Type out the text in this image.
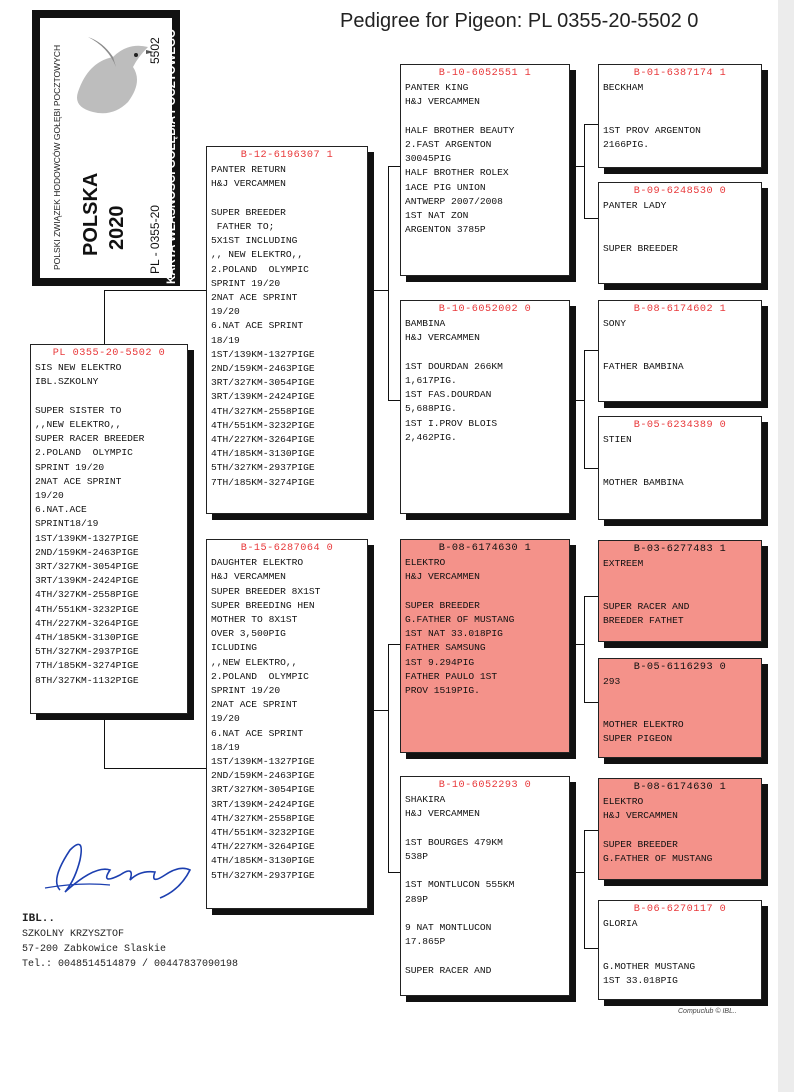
Pedigree for Pigeon: PL 0355-20-5502 0
POLSKI ZWIĄZEK HODOWCÓW GOŁĘBI POCZTOWYCH POLSKA 2020 PL - 0355-20
5502 KARTA WŁASNOŚCI GOŁĘBIA POCZTOWEGO
PL 0355-20-5502 0
SIS NEW ELEKTRO
IBL.SZKOLNY

SUPER SISTER TO
,,NEW ELEKTRO,,
SUPER RACER BREEDER
2.POLAND  OLYMPIC
SPRINT 19/20
2NAT ACE SPRINT
19/20
6.NAT.ACE
SPRINT18/19
1ST/139KM-1327PIGE
2ND/159KM-2463PIGE
3RT/327KM-3054PIGE
3RT/139KM-2424PIGE
4TH/327KM-2558PIGE
4TH/551KM-3232PIGE
4TH/227KM-3264PIGE
4TH/185KM-3130PIGE
5TH/327KM-2937PIGE
7TH/185KM-3274PIGE
8TH/327KM-1132PIGE
B-12-6196307 1
PANTER RETURN
H&J VERCAMMEN

SUPER BREEDER
FATHER TO;
5X1ST INCLUDING
,, NEW ELEKTRO,,
2.POLAND  OLYMPIC
SPRINT 19/20
2NAT ACE SPRINT
19/20
6.NAT ACE SPRINT
18/19
1ST/139KM-1327PIGE
2ND/159KM-2463PIGE
3RT/327KM-3054PIGE
3RT/139KM-2424PIGE
4TH/327KM-2558PIGE
4TH/551KM-3232PIGE
4TH/227KM-3264PIGE
4TH/185KM-3130PIGE
5TH/327KM-2937PIGE
7TH/185KM-3274PIGE
B-15-6287064 0
DAUGHTER ELEKTRO
H&J VERCAMMEN
SUPER BREEDER 8X1ST
SUPER BREEDING HEN
MOTHER TO 8X1ST
OVER 3,500PIG
ICLUDING
,,NEW ELEKTRO,,
2.POLAND  OLYMPIC
SPRINT 19/20
2NAT ACE SPRINT
19/20
6.NAT ACE SPRINT
18/19
1ST/139KM-1327PIGE
2ND/159KM-2463PIGE
3RT/327KM-3054PIGE
3RT/139KM-2424PIGE
4TH/327KM-2558PIGE
4TH/551KM-3232PIGE
4TH/227KM-3264PIGE
4TH/185KM-3130PIGE
5TH/327KM-2937PIGE
B-10-6052551 1
PANTER KING
H&J VERCAMMEN

HALF BROTHER BEAUTY
2.FAST ARGENTON
30045PIG
HALF BROTHER ROLEX
1ACE PIG UNION
ANTWERP 2007/2008
1ST NAT ZON
ARGENTON 3785P
B-10-6052002 0
BAMBINA
H&J VERCAMMEN

1ST DOURDAN 266KM
1,617PIG.
1ST FAS.DOURDAN
5,688PIG.
1ST I.PROV BLOIS
2,462PIG.
B-08-6174630 1
ELEKTRO
H&J VERCAMMEN

SUPER BREEDER
G.FATHER OF MUSTANG
1ST NAT 33.018PIG
FATHER SAMSUNG
1ST 9.294PIG
FATHER PAULO 1ST
PROV 1519PIG.
B-10-6052293 0
SHAKIRA
H&J VERCAMMEN

1ST BOURGES 479KM
538P

1ST MONTLUCON 555KM
289P

9 NAT MONTLUCON
17.865P

SUPER RACER AND
B-01-6387174 1
BECKHAM

1ST PROV ARGENTON
2166PIG.
B-09-6248530 0
PANTER LADY

SUPER BREEDER
B-08-6174602 1
SONY

FATHER BAMBINA
B-05-6234389 0
STIEN

MOTHER BAMBINA
B-03-6277483 1
EXTREEM

SUPER RACER AND
BREEDER FATHET
B-05-6116293 0
293

MOTHER ELEKTRO
SUPER PIGEON
B-08-6174630 1
ELEKTRO
H&J VERCAMMEN

SUPER BREEDER
G.FATHER OF MUSTANG
B-06-6270117 0
GLORIA

G.MOTHER MUSTANG
1ST 33.018PIG
IBL..
SZKOLNY KRZYSZTOF
57-200 Zabkowice Slaskie
Tel.: 0048514514879 / 00447837090198
Compuclub © IBL..
